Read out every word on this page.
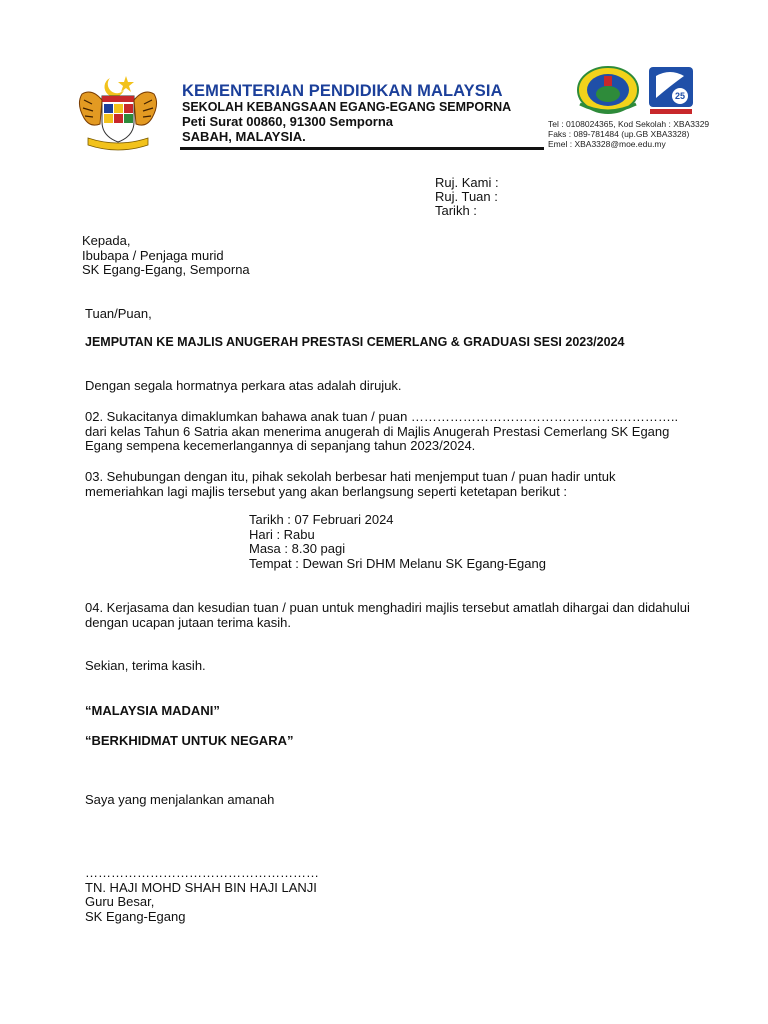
25
KEMENTERIAN PENDIDIKAN MALAYSIA
SEKOLAH KEBANGSAAN EGANG-EGANG SEMPORNA
Peti Surat 00860, 91300 Semporna
SABAH, MALAYSIA.
Tel : 0108024365, Kod Sekolah : XBA3329
Faks : 089-781484 (up.GB XBA3328)
Emel : XBA3328@moe.edu.my
Ruj. Kami :
Ruj. Tuan :
Tarikh :
Kepada,
Ibubapa / Penjaga murid
SK Egang-Egang, Semporna
Tuan/Puan,
JEMPUTAN KE MAJLIS ANUGERAH PRESTASI CEMERLANG & GRADUASI SESI 2023/2024
Dengan segala hormatnya perkara atas adalah dirujuk.
02. Sukacitanya dimaklumkan bahawa anak tuan / puan ……………………………………………………..
dari kelas Tahun 6 Satria akan menerima anugerah di Majlis Anugerah Prestasi Cemerlang SK Egang
Egang sempena kecemerlangannya di sepanjang tahun 2023/2024.
03. Sehubungan dengan itu, pihak sekolah berbesar hati menjemput tuan / puan hadir untuk
memeriahkan lagi majlis tersebut yang akan berlangsung seperti ketetapan berikut :
Tarikh : 07 Februari 2024
Hari : Rabu
Masa : 8.30 pagi
Tempat : Dewan Sri DHM Melanu SK Egang-Egang
04. Kerjasama dan kesudian tuan / puan untuk menghadiri majlis tersebut amatlah dihargai dan didahului
dengan ucapan jutaan terima kasih.
Sekian, terima kasih.
“MALAYSIA MADANI”
“BERKHIDMAT UNTUK NEGARA”
Saya yang menjalankan amanah
………………………………………………
TN. HAJI MOHD SHAH BIN HAJI LANJI
Guru Besar,
SK Egang-Egang
